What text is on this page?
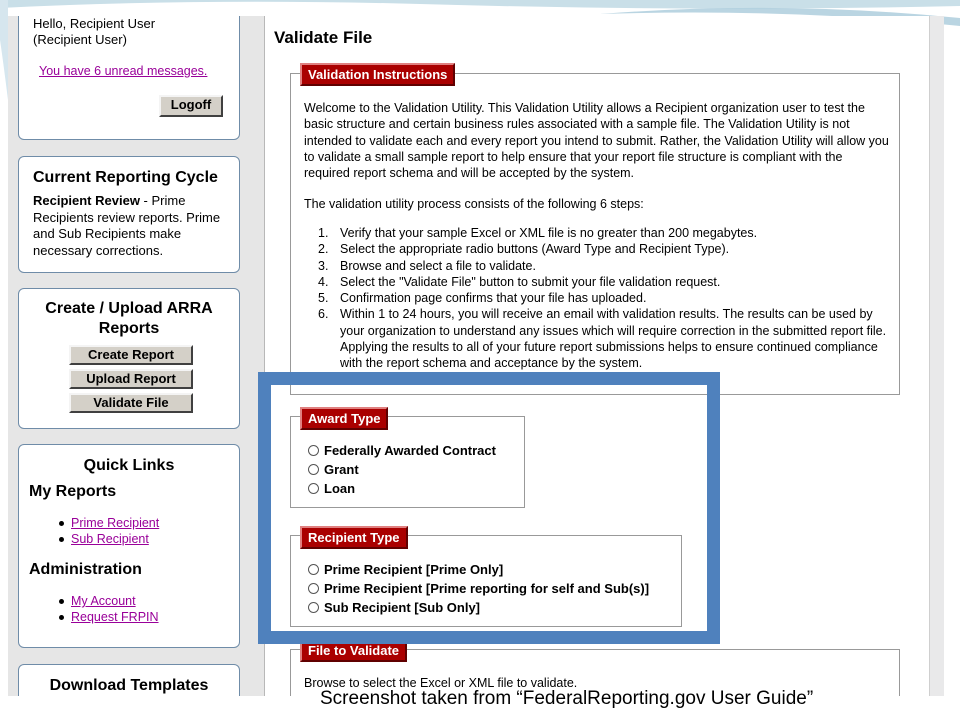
Hello, Recipient User
(Recipient User)
You have 6 unread messages.
Logoff
Current Reporting Cycle
Recipient Review - Prime Recipients review reports. Prime and Sub Recipients make necessary corrections.
Create / Upload ARRA Reports
Create Report
Upload Report
Validate File
Quick Links
My Reports
Prime Recipient
Sub Recipient
Administration
My Account
Request FRPIN
Download Templates
Validate File
Validation Instructions
Welcome to the Validation Utility. This Validation Utility allows a Recipient organization user to test the basic structure and certain business rules associated with a sample file. The Validation Utility is not intended to validate each and every report you intend to submit. Rather, the Validation Utility will allow you to validate a small sample report to help ensure that your report file structure is compliant with the required report schema and will be accepted by the system.
The validation utility process consists of the following 6 steps:
1. Verify that your sample Excel or XML file is no greater than 200 megabytes.
2. Select the appropriate radio buttons (Award Type and Recipient Type).
3. Browse and select a file to validate.
4. Select the "Validate File" button to submit your file validation request.
5. Confirmation page confirms that your file has uploaded.
6. Within 1 to 24 hours, you will receive an email with validation results. The results can be used by your organization to understand any issues which will require correction in the submitted report file. Applying the results to all of your future report submissions helps to ensure continued compliance with the report schema and acceptance by the system.
Award Type
Federally Awarded Contract
Grant
Loan
Recipient Type
Prime Recipient [Prime Only]
Prime Recipient [Prime reporting for self and Sub(s)]
Sub Recipient [Sub Only]
File to Validate
Browse to select the Excel or XML file to validate.
Screenshot taken from “FederalReporting.gov User Guide”
